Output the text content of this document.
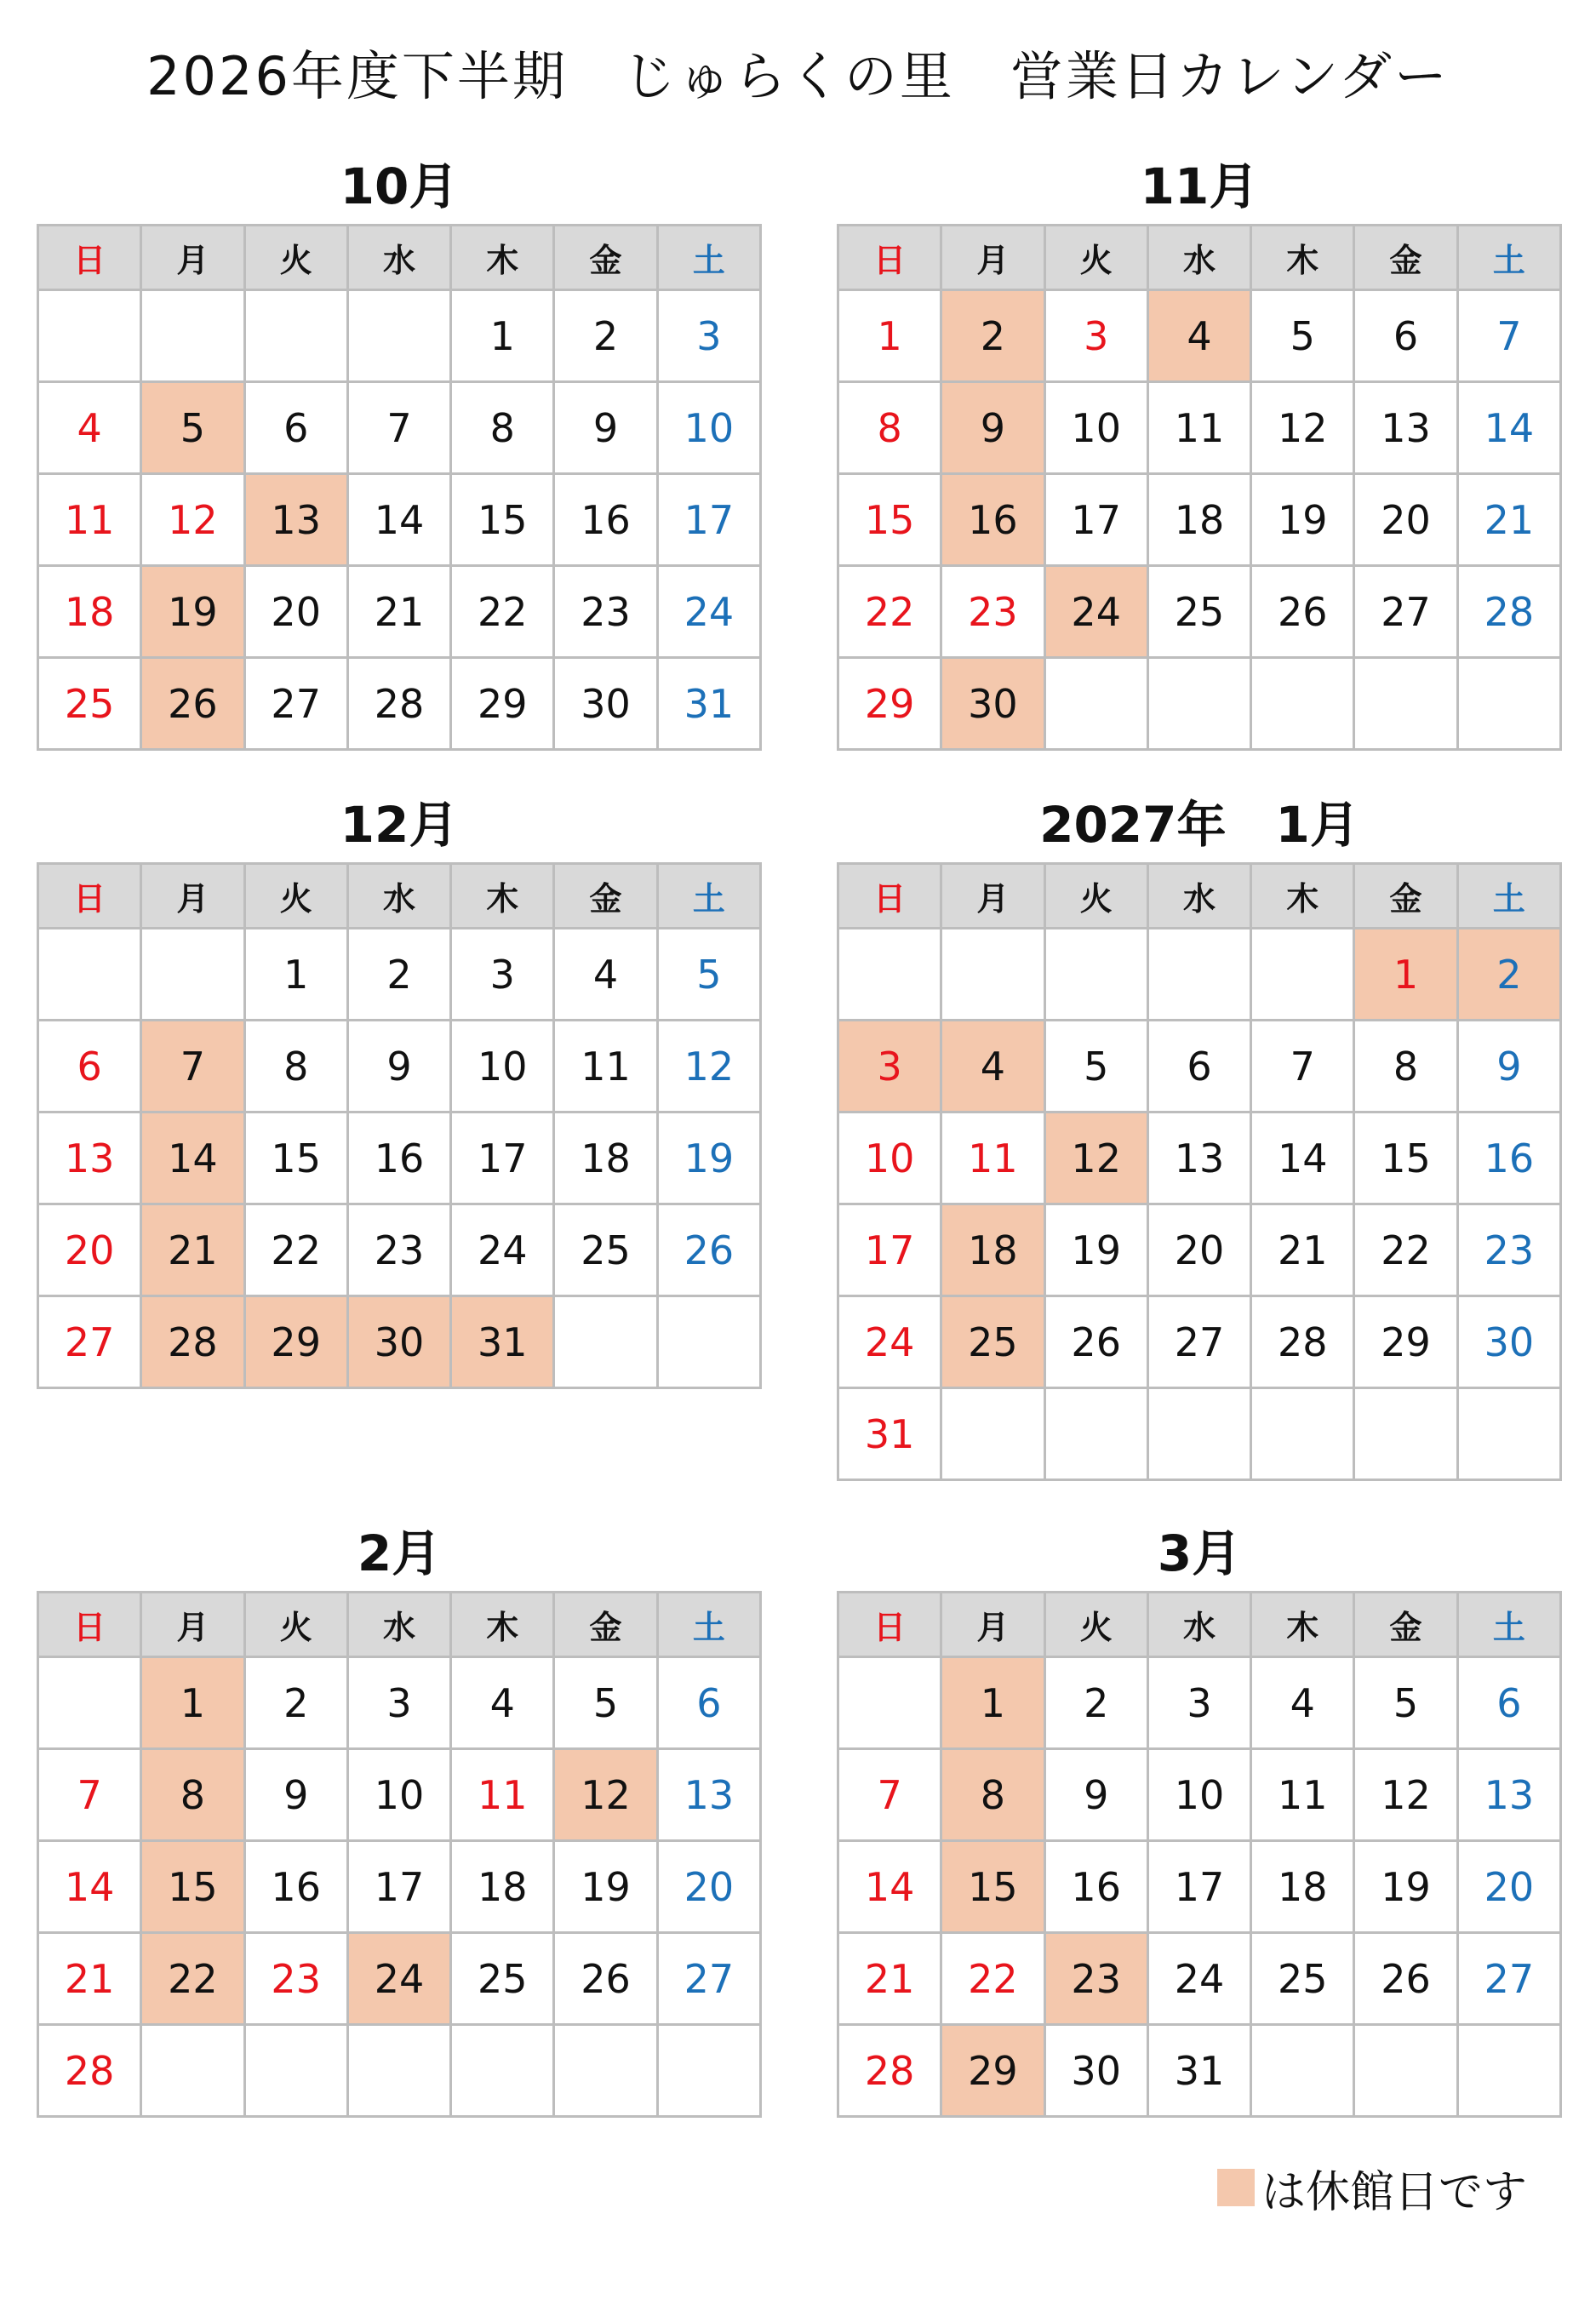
2026年度下半期　じゅらくの里　営業日カレンダー
10月
日	月	火	水	木	金	土
				1	2	3
4	5	6	7	8	9	10
11	12	13	14	15	16	17
18	19	20	21	22	23	24
25	26	27	28	29	30	31
11月
日	月	火	水	木	金	土
1	2	3	4	5	6	7
8	9	10	11	12	13	14
15	16	17	18	19	20	21
22	23	24	25	26	27	28
29	30					
12月
日	月	火	水	木	金	土
		1	2	3	4	5
6	7	8	9	10	11	12
13	14	15	16	17	18	19
20	21	22	23	24	25	26
27	28	29	30	31		
2027年　1月
日	月	火	水	木	金	土
					1	2
3	4	5	6	7	8	9
10	11	12	13	14	15	16
17	18	19	20	21	22	23
24	25	26	27	28	29	30
31						
2月
日	月	火	水	木	金	土
	1	2	3	4	5	6
7	8	9	10	11	12	13
14	15	16	17	18	19	20
21	22	23	24	25	26	27
28						
3月
日	月	火	水	木	金	土
	1	2	3	4	5	6
7	8	9	10	11	12	13
14	15	16	17	18	19	20
21	22	23	24	25	26	27
28	29	30	31			
は休館日です
